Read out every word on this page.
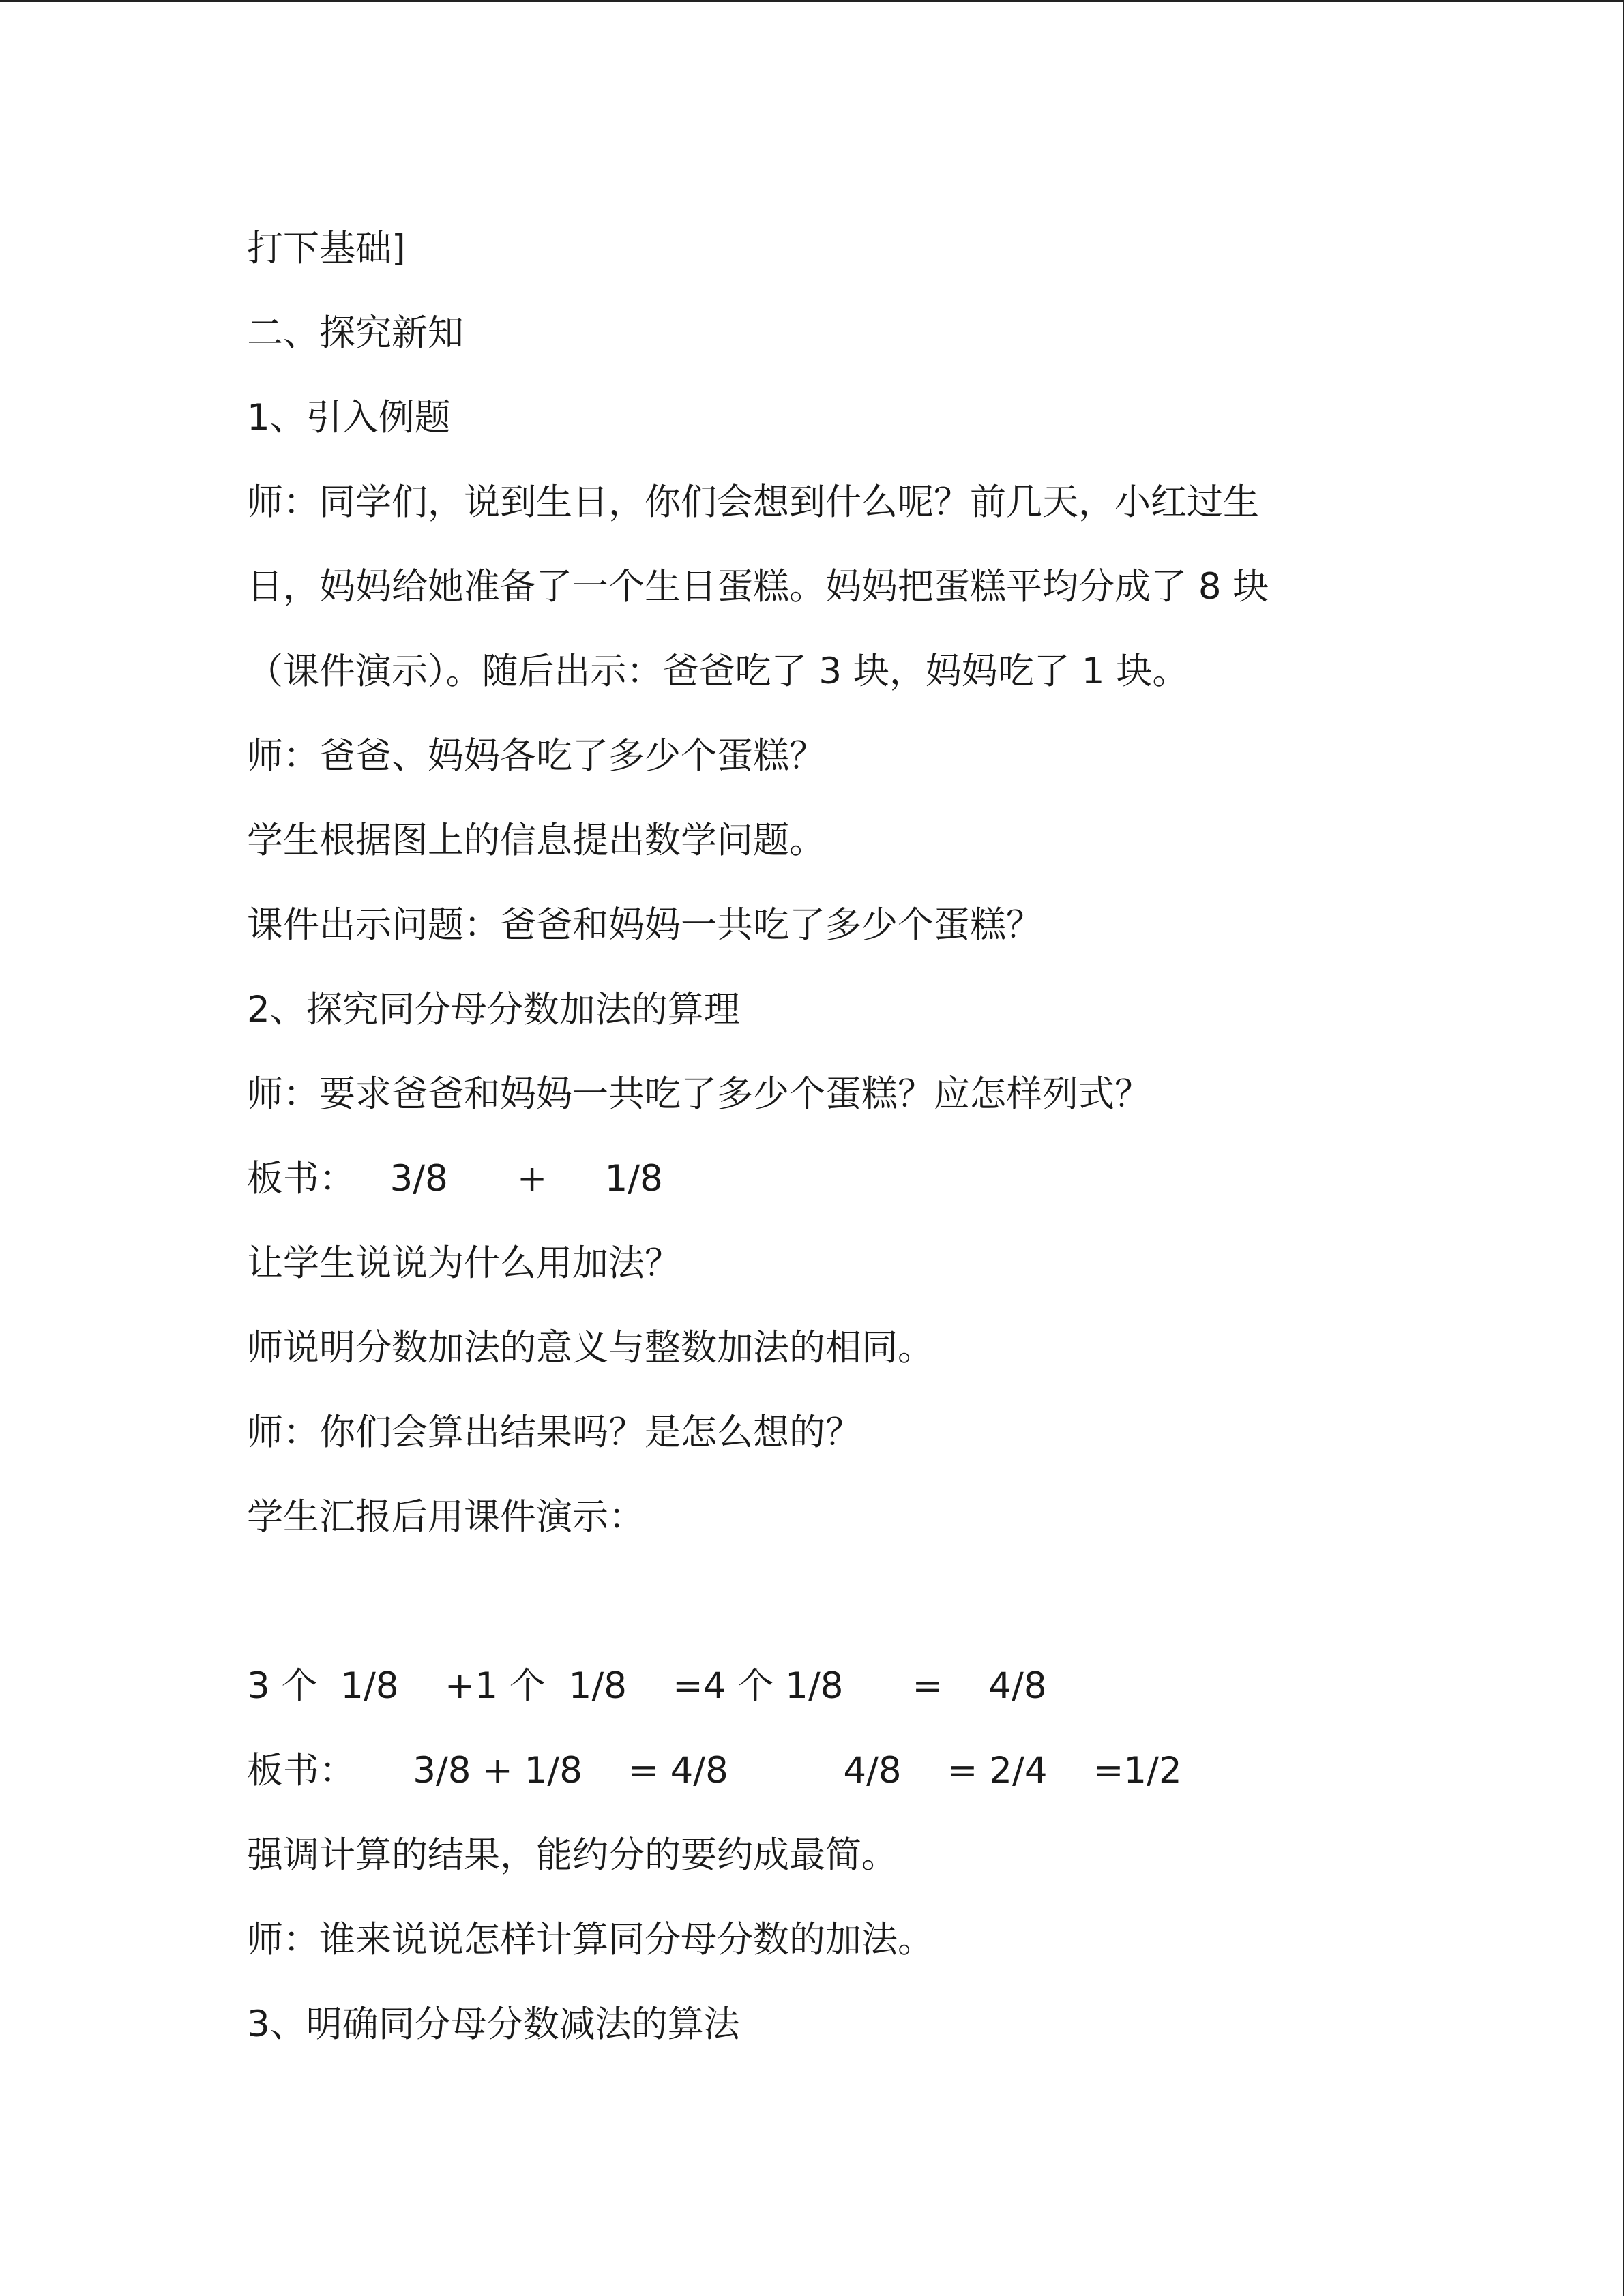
打下基础]
二、探究新知
1、引入例题
师：同学们，说到生日，你们会想到什么呢？前几天，小红过生
日，妈妈给她准备了一个生日蛋糕。妈妈把蛋糕平均分成了 8 块
（课件演示）。随后出示：爸爸吃了 3 块，妈妈吃了 1 块。
师：爸爸、妈妈各吃了多少个蛋糕？
学生根据图上的信息提出数学问题。
课件出示问题：爸爸和妈妈一共吃了多少个蛋糕？
2、探究同分母分数加法的算理
师：要求爸爸和妈妈一共吃了多少个蛋糕？应怎样列式？
板书：   3/8      +     1/8
让学生说说为什么用加法？
师说明分数加法的意义与整数加法的相同。
师：你们会算出结果吗？是怎么想的？
学生汇报后用课件演示：
3 个  1/8    +1 个  1/8    =4 个 1/8      =    4/8
板书：     3/8 + 1/8    = 4/8          4/8    = 2/4    =1/2
强调计算的结果，能约分的要约成最简。
师：谁来说说怎样计算同分母分数的加法。
3、明确同分母分数减法的算法
